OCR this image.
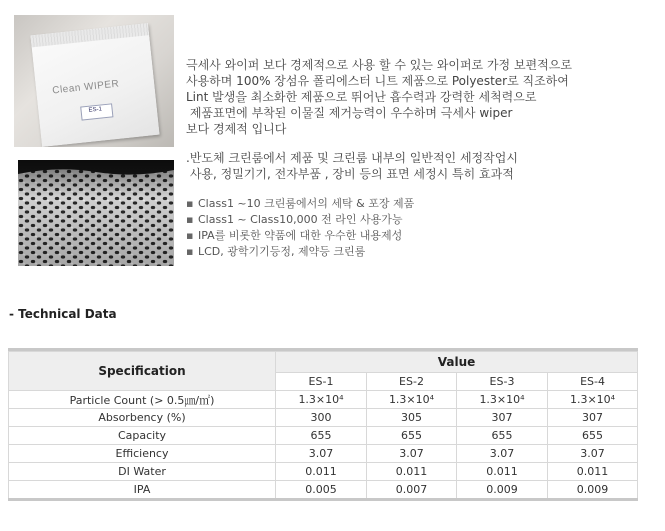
Clean WIPER
ES-1
극세사 와이퍼 보다 경제적으로 사용 할 수 있는 와이퍼로 가정 보편적으로
사용하며 100% 장섬유 폴리에스터 니트 제품으로 Polyester로 직조하여
Lint 발생을 최소화한 제품으로 뛰어난 흡수력과 강력한 세척력으로
제품표면에 부착된 이물질 제거능력이 우수하며 극세사 wiper
보다 경제적 입니다
.반도체 크린룸에서 제품 및 크린룸 내부의 일반적인 세정작업시
사용, 정밀기기, 전자부품 , 장비 등의 표면 세정시 특히 효과적
▪ Class1 ~10 크린룸에서의 세탁 & 포장 제품
▪ Class1 ~ Class10,000 전 라인 사용가능
▪ IPA를 비롯한 약품에 대한 우수한 내용제성
▪ LCD, 광학기기등정, 제약등 크린룸
- Technical Data

Specification	Value			
	ES-1	ES-2	ES-3	ES-4
Particle Count (> 0.5㎛/㎡)	1.3×10⁴	1.3×10⁴	1.3×10⁴	1.3×10⁴
Absorbency (%)	300	305	307	307
Capacity	655	655	655	655
Efficiency	3.07	3.07	3.07	3.07
DI Water	0.011	0.011	0.011	0.011
IPA	0.005	0.007	0.009	0.009
